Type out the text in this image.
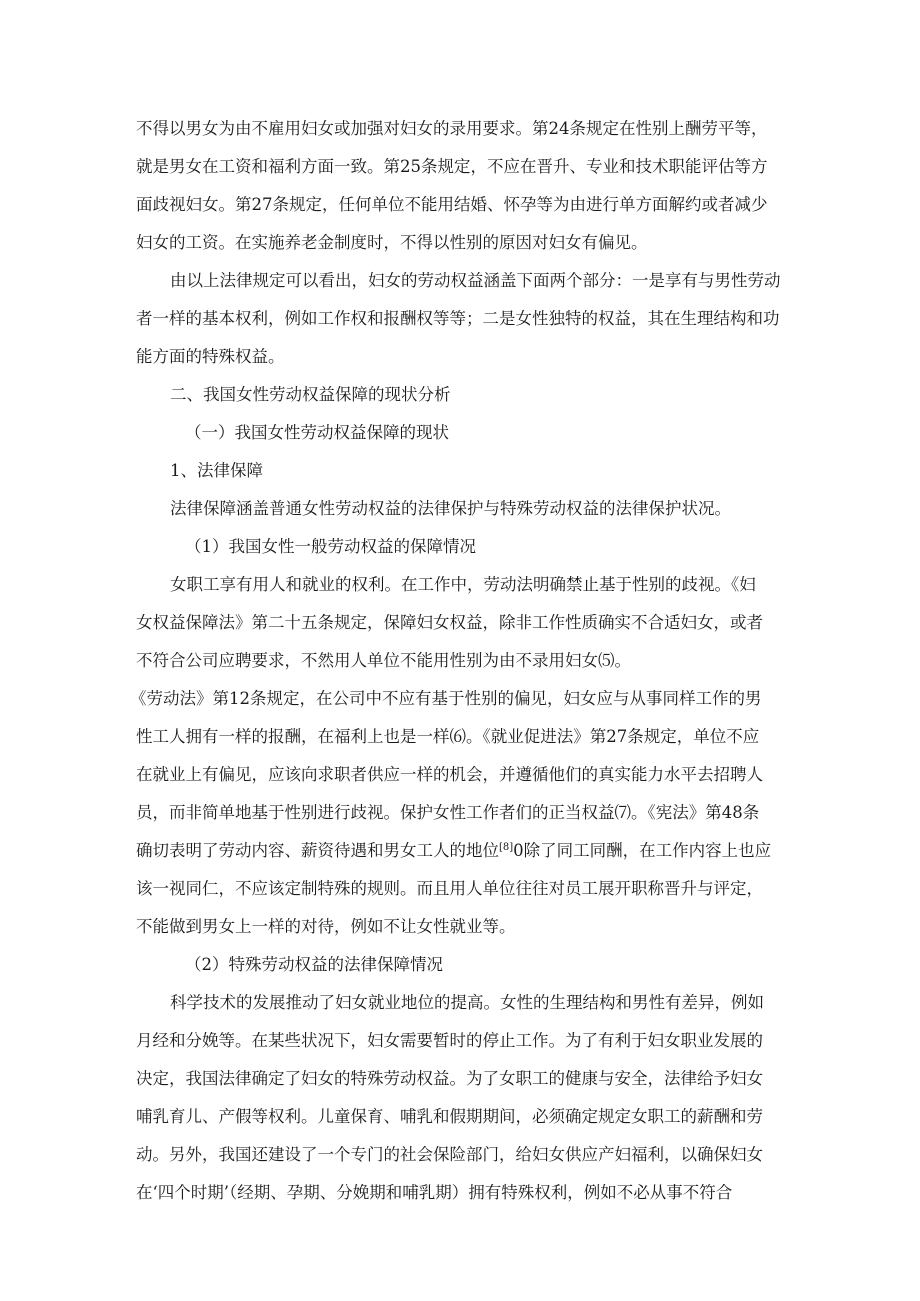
不得以男女为由不雇用妇女或加强对妇女的录用要求。第24条规定在性别上酬劳平等，
就是男女在工资和福利方面一致。第25条规定，不应在晋升、专业和技术职能评估等方
面歧视妇女。第27条规定，任何单位不能用结婚、怀孕等为由进行单方面解约或者减少
妇女的工资。在实施养老金制度时，不得以性别的原因对妇女有偏见。
由以上法律规定可以看出，妇女的劳动权益涵盖下面两个部分：一是享有与男性劳动
者一样的基本权利，例如工作权和报酬权等等；二是女性独特的权益，其在生理结构和功
能方面的特殊权益。
二、我国女性劳动权益保障的现状分析
（一）我国女性劳动权益保障的现状
1、法律保障
法律保障涵盖普通女性劳动权益的法律保护与特殊劳动权益的法律保护状况。
（1）我国女性一般劳动权益的保障情况
女职工享有用人和就业的权利。在工作中，劳动法明确禁止基于性别的歧视。《妇
女权益保障法》第二十五条规定，保障妇女权益，除非工作性质确实不合适妇女，或者
不符合公司应聘要求，不然用人单位不能用性别为由不录用妇女⑸。
《劳动法》第12条规定，在公司中不应有基于性别的偏见，妇女应与从事同样工作的男
性工人拥有一样的报酬，在福利上也是一样⑹。《就业促进法》第27条规定，单位不应
在就业上有偏见，应该向求职者供应一样的机会，并遵循他们的真实能力水平去招聘人
员，而非简单地基于性别进行歧视。保护女性工作者们的正当权益⑺。《宪法》第48条
确切表明了劳动内容、薪资待遇和男女工人的地位[8]0除了同工同酬，在工作内容上也应
该一视同仁，不应该定制特殊的规则。而且用人单位往往对员工展开职称晋升与评定，
不能做到男女上一样的对待，例如不让女性就业等。
（2）特殊劳动权益的法律保障情况
科学技术的发展推动了妇女就业地位的提高。女性的生理结构和男性有差异，例如
月经和分娩等。在某些状况下，妇女需要暂时的停止工作。为了有利于妇女职业发展的
决定，我国法律确定了妇女的特殊劳动权益。为了女职工的健康与安全，法律给予妇女
哺乳育儿、产假等权利。儿童保育、哺乳和假期期间，必须确定规定女职工的薪酬和劳
动。另外，我国还建设了一个专门的社会保险部门，给妇女供应产妇福利，以确保妇女
在‘四个时期’（经期、孕期、分娩期和哺乳期）拥有特殊权利，例如不必从事不符合
